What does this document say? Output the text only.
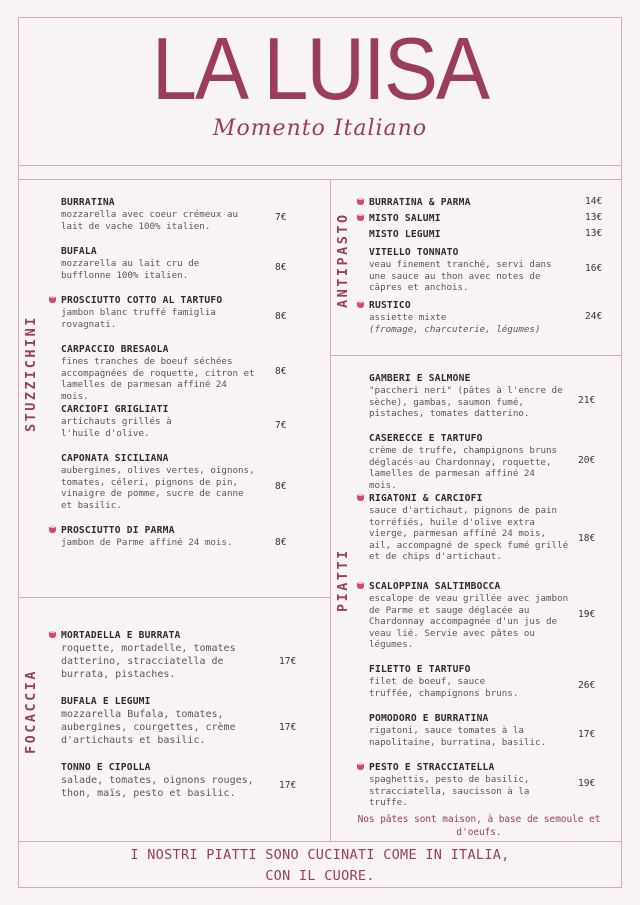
LA LUISA
Momento Italiano
STUZZICHINI
BURRATINA
mozzarella avec coeur crémeux au lait de vache 100% italien.
7€
BUFALA
mozzarella au lait cru de bufflonne 100% italien.
8€
PROSCIUTTO COTTO AL TARTUFO
jambon blanc truffé famiglia rovagnati.
8€
CARPACCIO BRESAOLA
fines tranches de boeuf séchées accompagnées de roquette, citron et lamelles de parmesan affiné 24 mois.
8€
CARCIOFI GRIGLIATI
artichauts grillés à l'huile d'olive.
7€
CAPONATA SICILIANA
aubergines, olives vertes, oignons, tomates, céleri, pignons de pin, vinaigre de pomme, sucre de canne et basilic.
8€
PROSCIUTTO DI PARMA
jambon de Parme affiné 24 mois.	8€
FOCACCIA
MORTADELLA E BURRATA
roquette, mortadelle, tomates datterino, stracciatella de burrata, pistaches.
17€
BUFALA E LEGUMI
mozzarella Bufala, tomates, aubergines, courgettes, crème d'artichauts et basilic.
17€
TONNO E CIPOLLA
salade, tomates, oignons rouges, thon, maïs, pesto et basilic.
17€
ANTIPASTO
BURRATINA & PARMA	14€
MISTO SALUMI	13€
MISTO LEGUMI	13€
VITELLO TONNATO
veau finement tranché, servi dans une sauce au thon avec notes de câpres et anchois.
16€
RUSTICO
assiette mixte
(fromage, charcuterie, légumes)
24€
PIATTI
GAMBERI E SALMONE
"paccheri neri" (pâtes à l'encre de sèche), gambas, saumon fumé, pistaches, tomates datterino.
21€
CASERECCE E TARTUFO
crème de truffe, champignons bruns déglacés au Chardonnay, roquette, lamelles de parmesan affiné 24 mois.
20€
RIGATONI & CARCIOFI
sauce d'artichaut, pignons de pain torréfiés, huile d'olive extra vierge, parmesan affiné 24 mois, ail, accompagné de speck fumé grillé et de chips d'artichaut.
18€
SCALOPPINA SALTIMBOCCA
escalope de veau grillée avec jambon de Parme et sauge déglacée au Chardonnay accompagnée d'un jus de veau lié. Servie avec pâtes ou légumes.
19€
FILETTO E TARTUFO
filet de boeuf, sauce truffée, champignons bruns.
26€
POMODORO E BURRATINA
rigatoni, sauce tomates à la napolitaine, burratina, basilic.
17€
PESTO E STRACCIATELLA
spaghettis, pesto de basilic, stracciatella, saucisson à la truffe.
19€
Nos pâtes sont maison, à base de semoule et d'oeufs.
I NOSTRI PIATTI SONO CUCINATI COME IN ITALIA,
CON IL CUORE.
